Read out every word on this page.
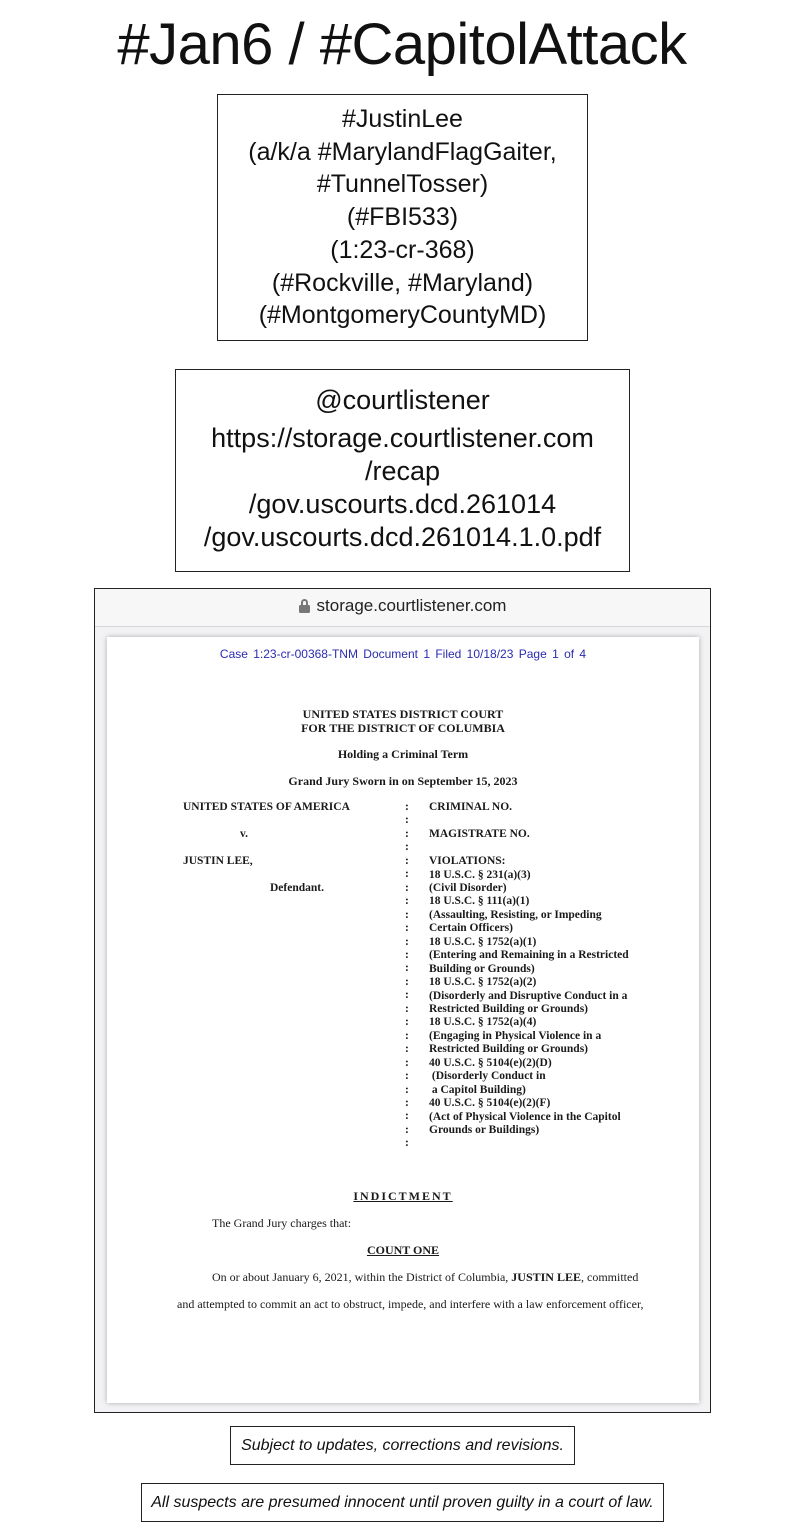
#Jan6 / #CapitolAttack
#JustinLee
(a/k/a #MarylandFlagGaiter,
#TunnelTosser)
(#FBI533)
(1:23-cr-368)
(#Rockville, #Maryland)
(#MontgomeryCountyMD)
@courtlistener
https://storage.courtlistener.com
/recap
/gov.uscourts.dcd.261014
/gov.uscourts.dcd.261014.1.0.pdf
storage.courtlistener.com
Case 1:23-cr-00368-TNM Document 1 Filed 10/18/23 Page 1 of 4
UNITED STATES DISTRICT COURT
FOR THE DISTRICT OF COLUMBIA
Holding a Criminal Term
Grand Jury Sworn in on September 15, 2023
UNITED STATES OF AMERICA
v.
JUSTIN LEE,
Defendant.
:
:
:
:
:
:
:
:
:
:
:
:
:
:
:
:
:
:
:
:
:
:
:
:
:
:
CRIMINAL NO.
MAGISTRATE NO.
VIOLATIONS:
18 U.S.C. § 231(a)(3)
(Civil Disorder)
18 U.S.C. § 111(a)(1)
(Assaulting, Resisting, or Impeding
Certain Officers)
18 U.S.C. § 1752(a)(1)
(Entering and Remaining in a Restricted
Building or Grounds)
18 U.S.C. § 1752(a)(2)
(Disorderly and Disruptive Conduct in a
Restricted Building or Grounds)
18 U.S.C. § 1752(a)(4)
(Engaging in Physical Violence in a
Restricted Building or Grounds)
40 U.S.C. § 5104(e)(2)(D)
(Disorderly Conduct in
a Capitol Building)
40 U.S.C. § 5104(e)(2)(F)
(Act of Physical Violence in the Capitol
Grounds or Buildings)
INDICTMENT
The Grand Jury charges that:
COUNT ONE
On or about January 6, 2021, within the District of Columbia, JUSTIN LEE, committed
and attempted to commit an act to obstruct, impede, and interfere with a law enforcement officer,
Subject to updates, corrections and revisions.
All suspects are presumed innocent until proven guilty in a court of law.
